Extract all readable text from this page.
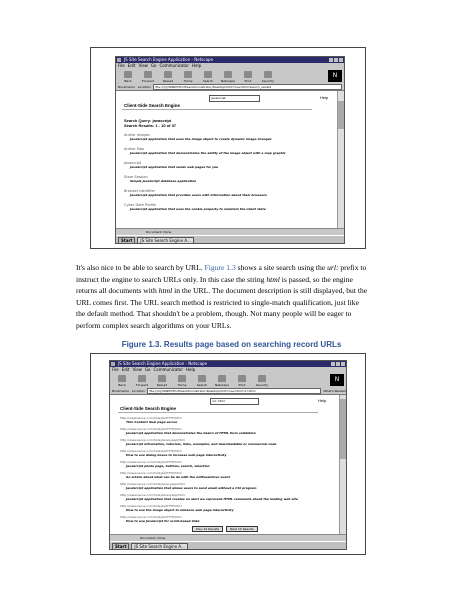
JS Site Search Engine Application - Netscape
File Edit View Go Communicator Help
Back	Forward	Reload	Home	Search	Netscape	Print	Security
N
Bookmarks Location:	file:///C|/WINNT/Profiles/Administrator/Desktop/Ch07/nav.html?search_results
javascript	Help
Client-Side Search Engine
Search Query: javascript
Search Results: 1 - 10 of 37
Anther Images
JavaScript application that uses the image object to create dynamic image changes
Anther Map
JavaScript application that demonstrates the ability of the image object with a map graphic
Javascript
JavaScript application that sends web pages for you
Store Session
Simple JavaScript database application
Browser Identifier
JavaScript application that provides users with information about their browsers
Cyber Date Profile
JavaScript application that uses the cookie property to maintain the client state
Document: Done
Start	JS Site Search Engine A...
It's also nice to be able to search by URL. Figure 1.3 shows a site search using the url: prefix to instruct the engine to search URLs only. In this case the string html is passed, so the engine returns all documents with html in the URL. The document description is still displayed, but the URL comes first. The URL search method is restricted to single-match qualification, just like the default method. That shouldn't be a problem, though. Not many people will be eager to perform complex search algorithms on your URLs.
Figure 1.3. Results page based on searching record URLs
JS Site Search Engine Application - Netscape
File Edit View Go Communicator Help
Back	Forward	Reload	Home	Search	Netscape	Print	Security
N
Bookmarks Location:	file:///C|/WINNT/Profiles/Administrator/Desktop/Ch07/nav.html?url:html	What's Related
url: html	Help
Client-Side Search Engine
http://www.serve.com/hotsyte/HTTP/html
Thin Content dual page server
http://www.serve.com/hotsyte/HTTP/html
JavaScript application that demonstrates the basics of HTML form validation
http://www.serve.com/hotsyte/anyapp/html
JavaScript information, tutorials, links, examples, and downloadable or commercial code
http://www.serve.com/hotsyte/HTTP/html
How to use dialog boxes to increase web page interactivity
http://www.serve.com/hotsyte/HTTP/html
JavaScript photo page, buttons, search, selection
http://www.serve.com/hotsyte/HTTP/html
An article about what can be do with the onMouseOver event
http://www.serve.com/hotsyte/anyapp/html
JavaScript application that allows users to send email without a CGI program
http://www.serve.com/hotsyte/anyapp/html
JavaScript application that creates an alert we represent HTML comments about the loading web site
http://www.serve.com/hotsyte/HTTP/html
How to use the image object to enhance web page interactivity
http://www.serve.com/hotsyte/HTTP/html
How to use JavaScript for scroll-based links
Prev 10 Results	Next 10 Results
Document: Done
Start	JS Site Search Engine A...
